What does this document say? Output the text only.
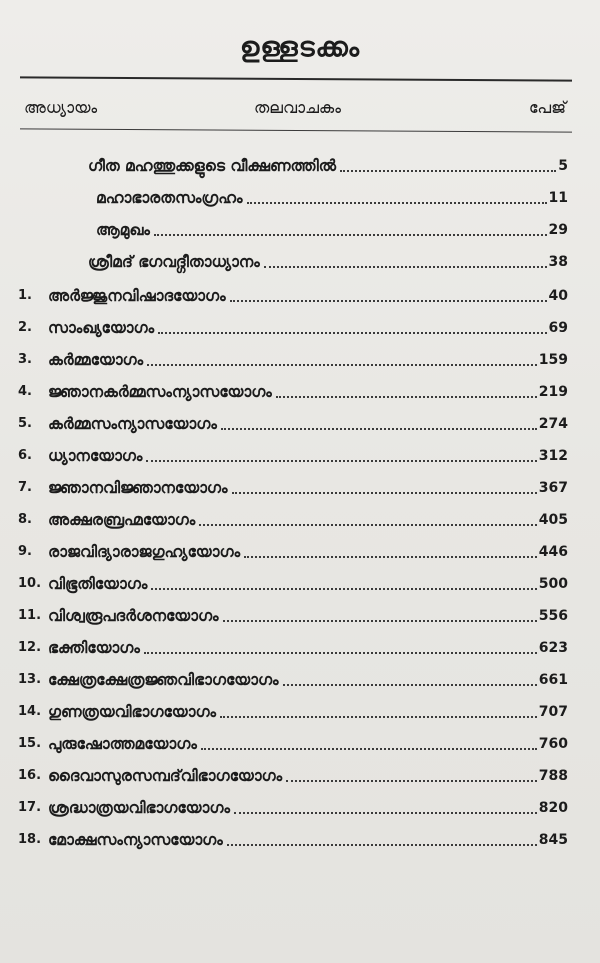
ഉള്ളടക്കം
അധ്യായം	തലവാചകം	പേജ്
ഗീത മഹത്തുക്കളുടെ വീക്ഷണത്തിൽ	5
മഹാഭാരതസംഗ്രഹം	11
ആമുഖം	29
ശ്രീമദ് ഭഗവദ്ഗീതാധ്യാനം	38
1.	അർജ്ജുനവിഷാദയോഗം	40
2.	സാംഖ്യയോഗം	69
3.	കർമ്മയോഗം	159
4.	ജ്ഞാനകർമ്മസംന്യാസയോഗം	219
5.	കർമ്മസംന്യാസയോഗം	274
6.	ധ്യാനയോഗം	312
7.	ജ്ഞാനവിജ്ഞാനയോഗം	367
8.	അക്ഷരബ്രഹ്മയോഗം	405
9.	രാജവിദ്യാരാജഗുഹ്യയോഗം	446
10. വിഭൂതിയോഗം	500
11. വിശ്വരൂപദർശനയോഗം	556
12. ഭക്തിയോഗം	623
13. ക്ഷേത്രക്ഷേത്രജ്ഞവിഭാഗയോഗം	661
14. ഗുണത്രയവിഭാഗയോഗം	707
15. പുരുഷോത്തമയോഗം	760
16. ദൈവാസുരസമ്പദ്‌വിഭാഗയോഗം	788
17. ശ്രദ്ധാത്രയവിഭാഗയോഗം	820
18. മോക്ഷസംന്യാസയോഗം	845
